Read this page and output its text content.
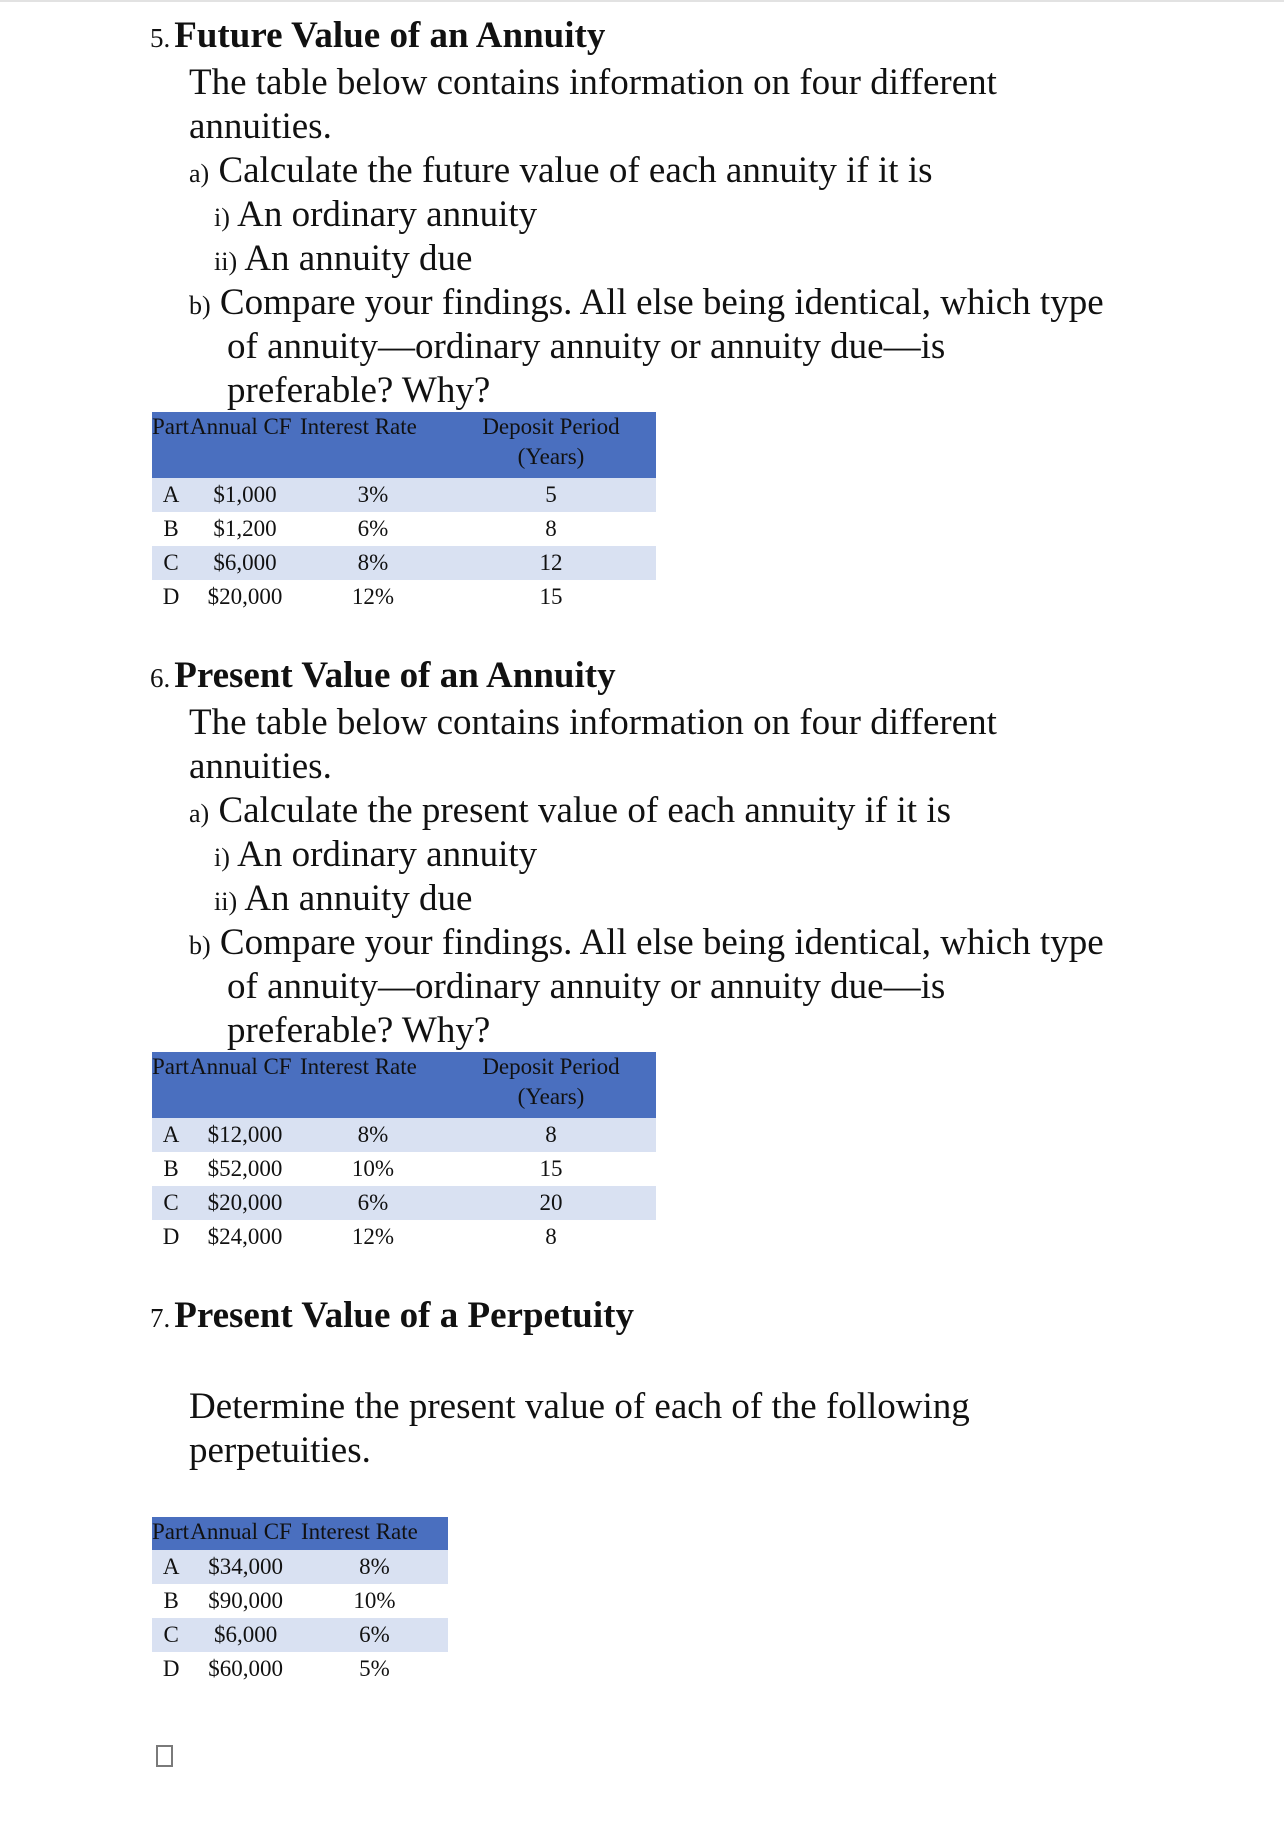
5. Future Value of an Annuity
The table below contains information on four different
annuities.
a) Calculate the future value of each annuity if it is
i) An ordinary annuity
ii) An annuity due
b) Compare your findings. All else being identical, which type
of annuity—ordinary annuity or annuity due—is
preferable? Why?
Part	Annual CF	Interest Rate	Deposit Period
(Years)

A	$1,000	3%	5
B	$1,200	6%	8
C	$6,000	8%	12
D	$20,000	12%	15
6. Present Value of an Annuity
The table below contains information on four different
annuities.
a) Calculate the present value of each annuity if it is
i) An ordinary annuity
ii) An annuity due
b) Compare your findings. All else being identical, which type
of annuity—ordinary annuity or annuity due—is
preferable? Why?
Part	Annual CF	Interest Rate	Deposit Period
(Years)

A	$12,000	8%	8
B	$52,000	10%	15
C	$20,000	6%	20
D	$24,000	12%	8
7. Present Value of a Perpetuity
Determine the present value of each of the following
perpetuities.
Part	Annual CF	Interest Rate
A	$34,000	8%
B	$90,000	10%
C	$6,000	6%
D	$60,000	5%
